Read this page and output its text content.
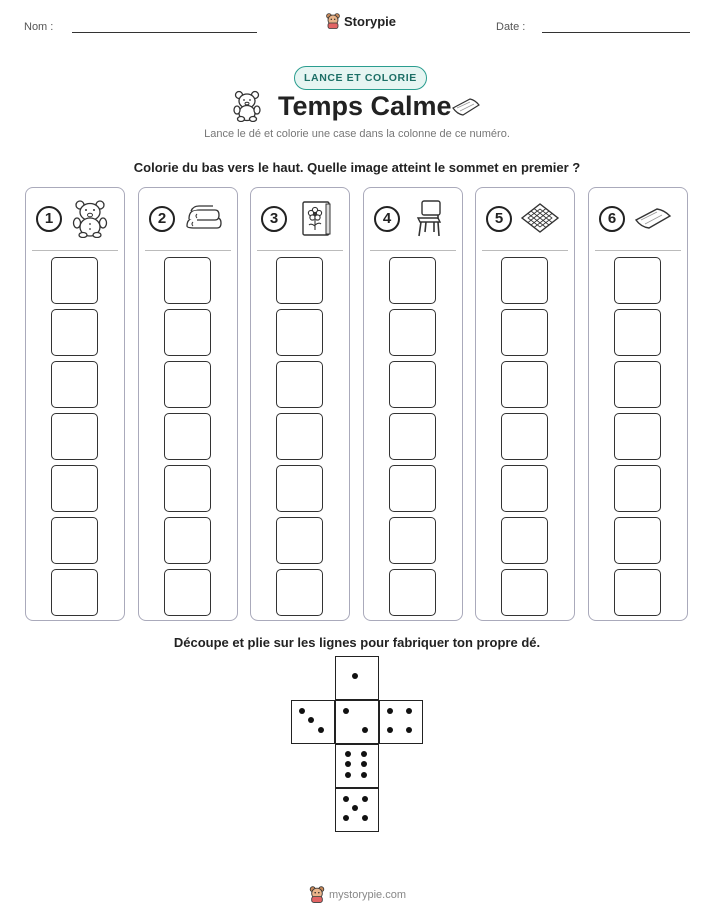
Nom :	Storypie	Date :
LANCE ET COLORIE
Temps Calme
Lance le dé et colorie une case dans la colonne de ce numéro.
Colorie du bas vers le haut. Quelle image atteint le sommet en premier ?
1	2	3	4	5	6
Découpe et plie sur les lignes pour fabriquer ton propre dé.
mystorypie.com
